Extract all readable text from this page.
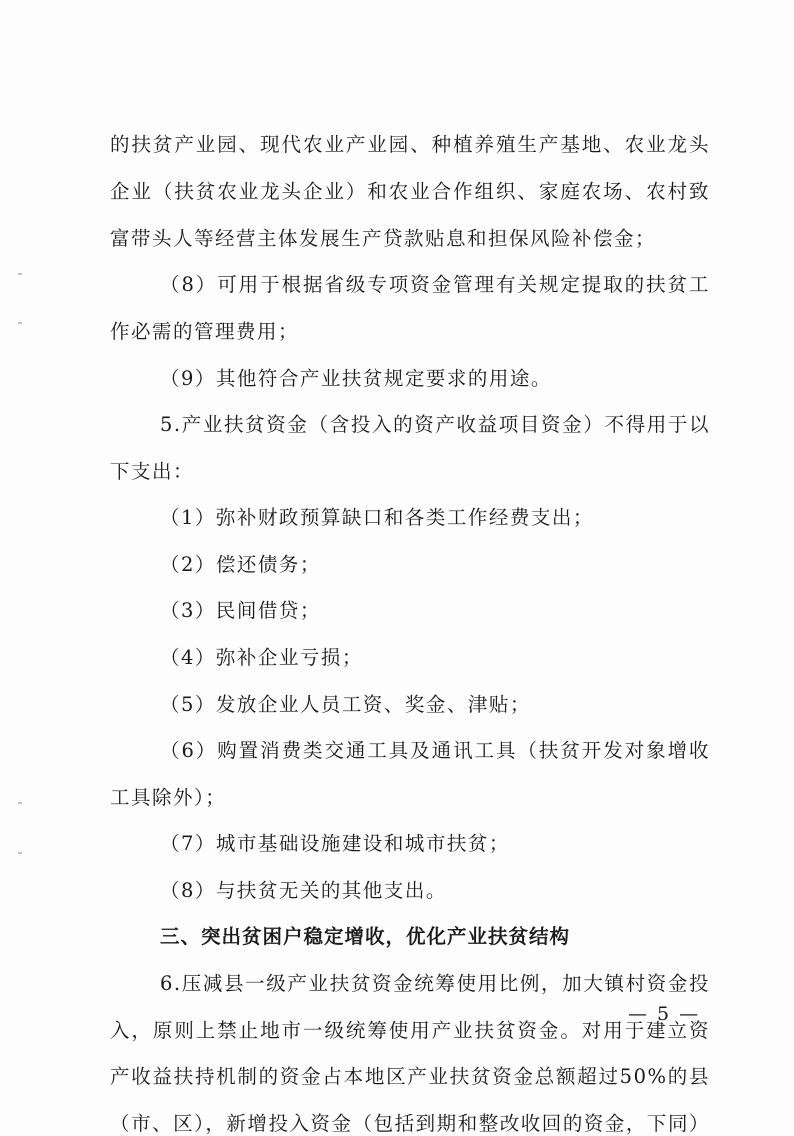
的扶贫产业园、现代农业产业园、种植养殖生产基地、农业龙头
企业（扶贫农业龙头企业）和农业合作组织、家庭农场、农村致
富带头人等经营主体发展生产贷款贴息和担保风险补偿金；
（8）可用于根据省级专项资金管理有关规定提取的扶贫工
作必需的管理费用；
（9）其他符合产业扶贫规定要求的用途。
5.产业扶贫资金（含投入的资产收益项目资金）不得用于以
下支出：
（1）弥补财政预算缺口和各类工作经费支出；
（2）偿还债务；
（3）民间借贷；
（4）弥补企业亏损；
（5）发放企业人员工资、奖金、津贴；
（6）购置消费类交通工具及通讯工具（扶贫开发对象增收
工具除外）；
（7）城市基础设施建设和城市扶贫；
（8）与扶贫无关的其他支出。
三、突出贫困户稳定增收，优化产业扶贫结构
6.压减县一级产业扶贫资金统筹使用比例，加大镇村资金投
入，原则上禁止地市一级统筹使用产业扶贫资金。对用于建立资
产收益扶持机制的资金占本地区产业扶贫资金总额超过50%的县
（市、区），新增投入资金（包括到期和整改收回的资金，下同）
— 5 —
